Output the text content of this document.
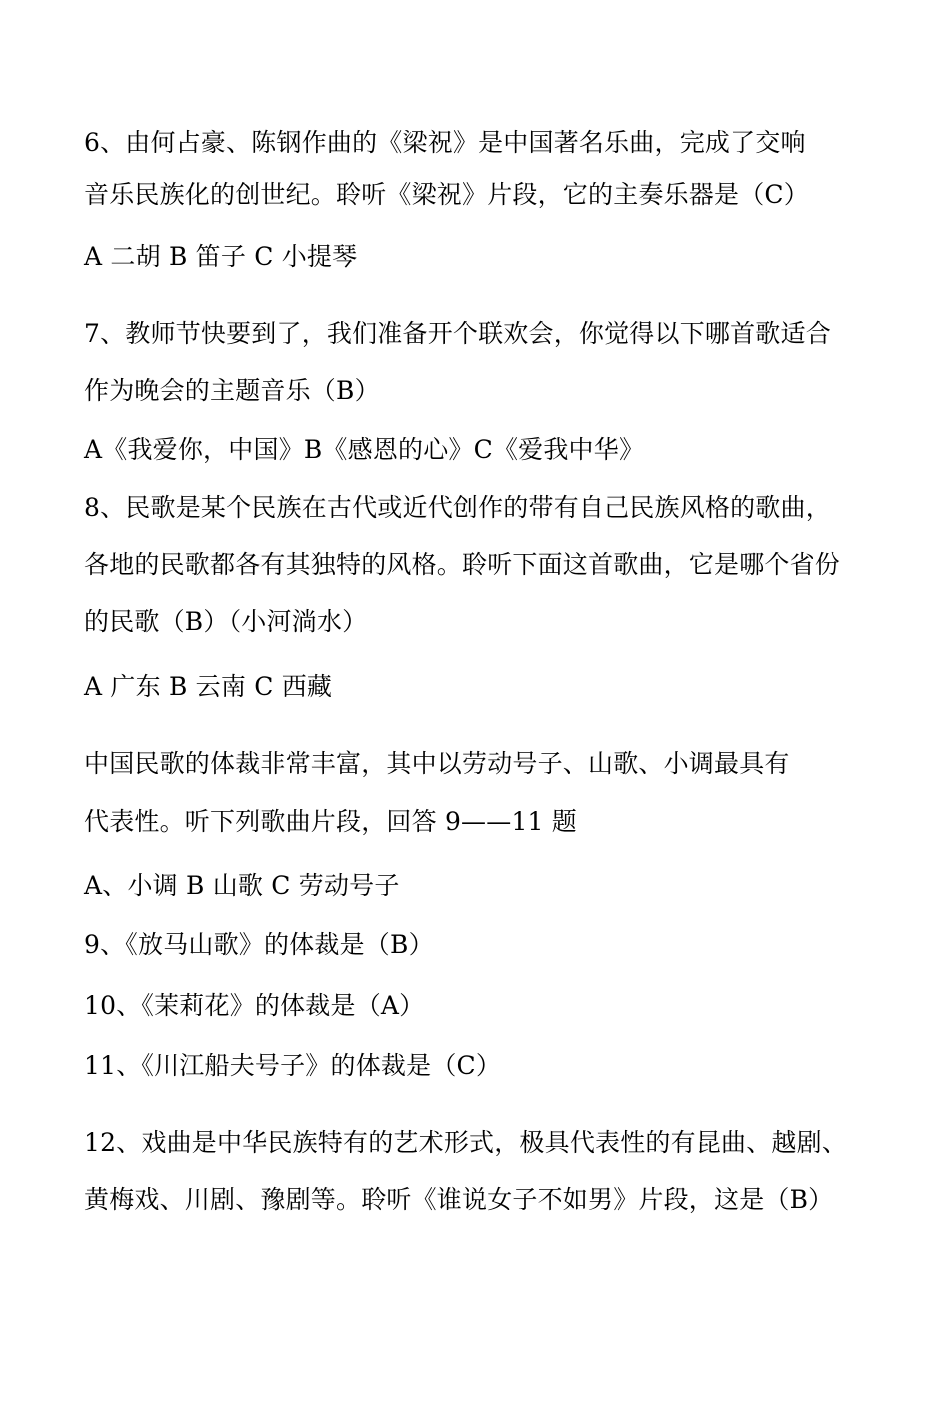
6、由何占豪、陈钢作曲的《梁祝》是中国著名乐曲，完成了交响
音乐民族化的创世纪。聆听《梁祝》片段，它的主奏乐器是（C）
A 二胡 B 笛子 C 小提琴
7、教师节快要到了，我们准备开个联欢会，你觉得以下哪首歌适合
作为晚会的主题音乐（B）
A《我爱你，中国》B《感恩的心》C《爱我中华》
8、民歌是某个民族在古代或近代创作的带有自己民族风格的歌曲，
各地的民歌都各有其独特的风格。聆听下面这首歌曲，它是哪个省份
的民歌（B）（小河淌水）
A 广东 B 云南 C 西藏
中国民歌的体裁非常丰富，其中以劳动号子、山歌、小调最具有
代表性。听下列歌曲片段，回答 9——11 题
A、小调 B 山歌 C 劳动号子
9、《放马山歌》的体裁是（B）
10、《茉莉花》的体裁是（A）
11、《川江船夫号子》的体裁是（C）
12、戏曲是中华民族特有的艺术形式，极具代表性的有昆曲、越剧、
黄梅戏、川剧、豫剧等。聆听《谁说女子不如男》片段，这是（B）
